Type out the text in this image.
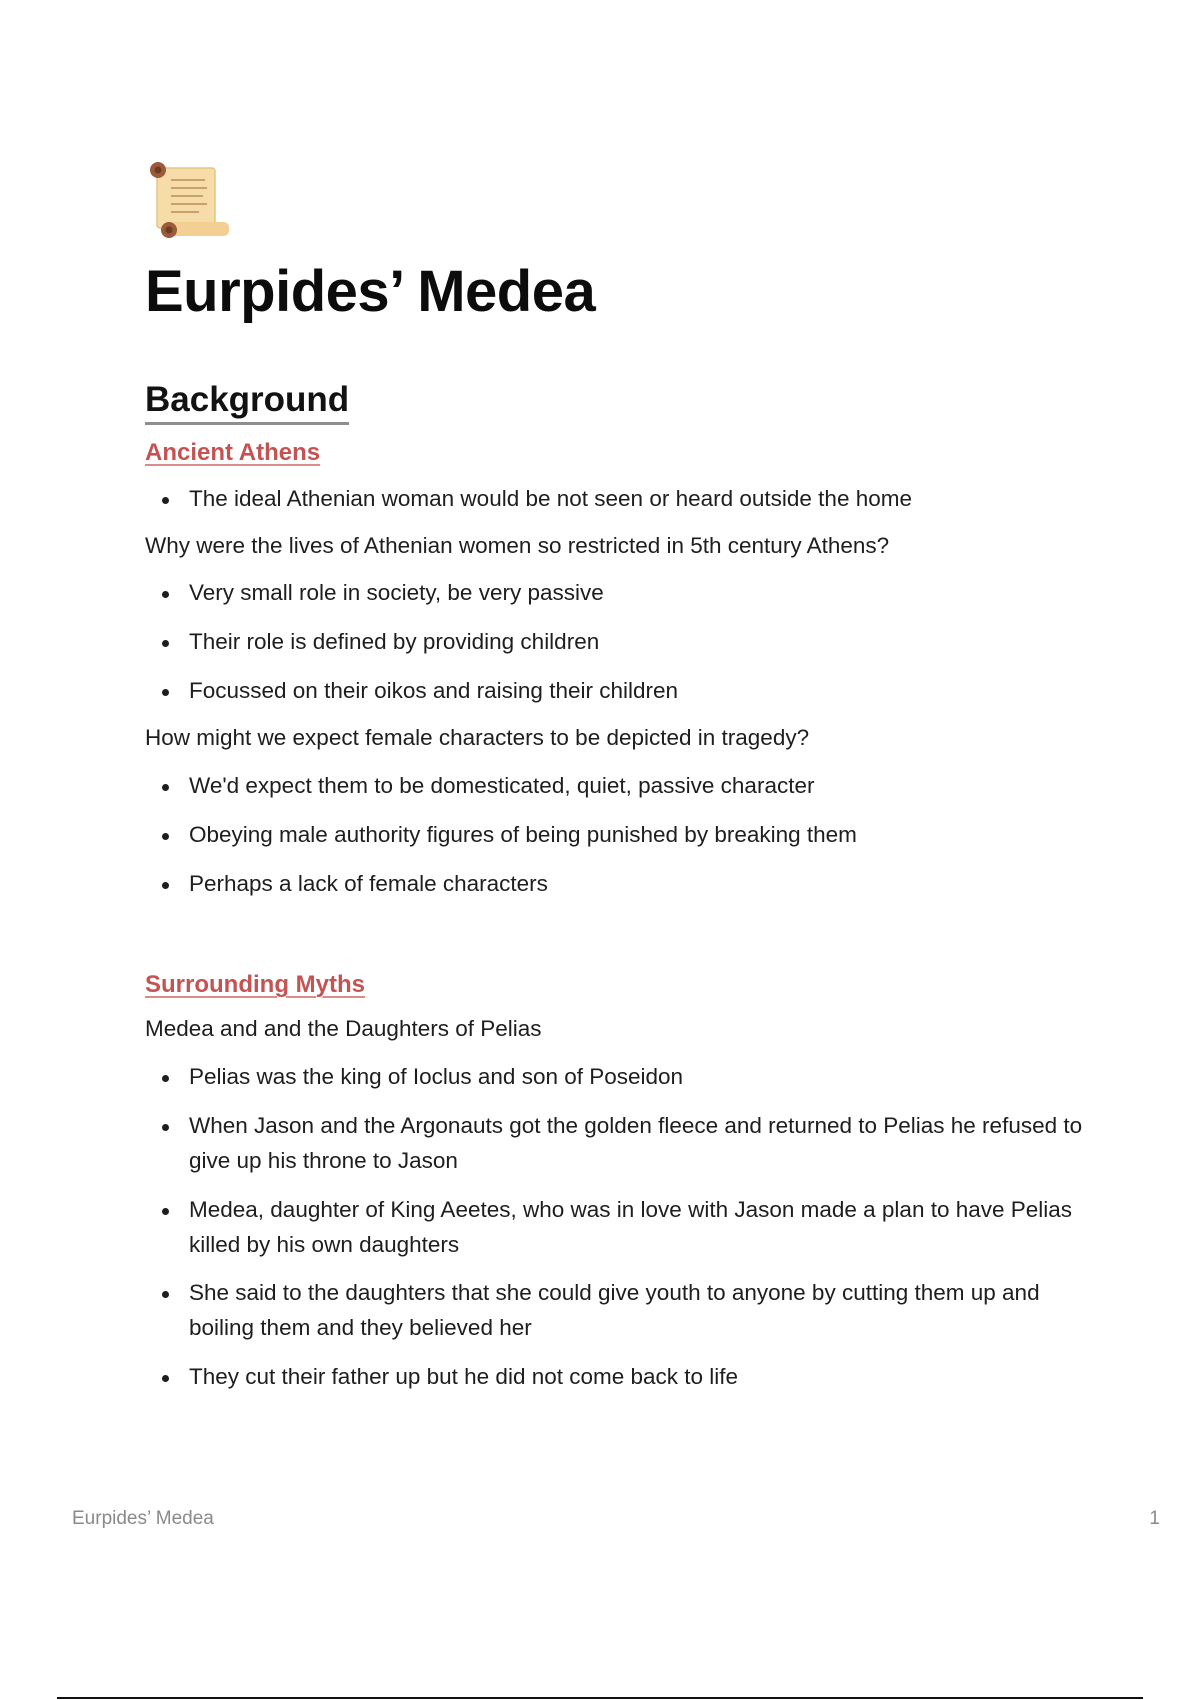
Eurpides’ Medea
Background
Ancient Athens
The ideal Athenian woman would be not seen or heard outside the home

Why were the lives of Athenian women so restricted in 5th century Athens?

Very small role in society, be very passive
Their role is defined by providing children
Focussed on their oikos and raising their children

How might we expect female characters to be depicted in tragedy?

We'd expect them to be domesticated, quiet, passive character
Obeying male authority figures of being punished by breaking them
Perhaps a lack of female characters
Surrounding Myths

Medea and and the Daughters of Pelias

Pelias was the king of Ioclus and son of Poseidon
When Jason and the Argonauts got the golden fleece and returned to Pelias he refused to give up his throne to Jason
Medea, daughter of King Aeetes, who was in love with Jason made a plan to have Pelias killed by his own daughters
She said to the daughters that she could give youth to anyone by cutting them up and boiling them and they believed her
They cut their father up but he did not come back to life
Eurpides’ Medea	1
